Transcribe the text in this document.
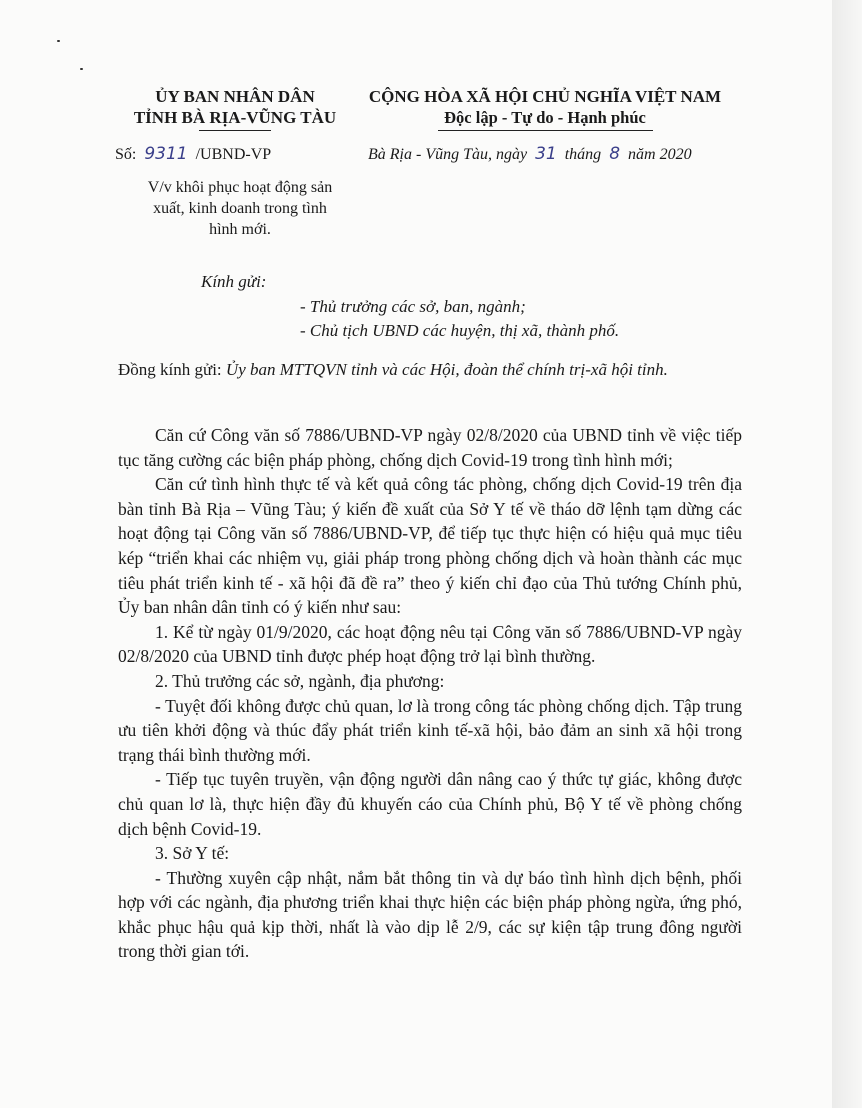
ỦY BAN NHÂN DÂN
TỈNH BÀ RỊA-VŨNG TÀU
CỘNG HÒA XÃ HỘI CHỦ NGHĨA VIỆT NAM
Độc lập - Tự do - Hạnh phúc
Số: 9311 /UBND-VP	Bà Rịa - Vũng Tàu, ngày 31 tháng 8 năm 2020
V/v khôi phục hoạt động sản
xuất, kinh doanh trong tình
hình mới.
Kính gửi:
- Thủ trưởng các sở, ban, ngành;
- Chủ tịch UBND các huyện, thị xã, thành phố.
Đồng kính gửi: Ủy ban MTTQVN tỉnh và các Hội, đoàn thể chính trị-xã hội tỉnh.

Căn cứ Công văn số 7886/UBND-VP ngày 02/8/2020 của UBND tỉnh về việc tiếp tục tăng cường các biện pháp phòng, chống dịch Covid-19 trong tình hình mới;

Căn cứ tình hình thực tế và kết quả công tác phòng, chống dịch Covid-19 trên địa bàn tỉnh Bà Rịa – Vũng Tàu; ý kiến đề xuất của Sở Y tế về tháo dỡ lệnh tạm dừng các hoạt động tại Công văn số 7886/UBND-VP, để tiếp tục thực hiện có hiệu quả mục tiêu kép “triển khai các nhiệm vụ, giải pháp trong phòng chống dịch và hoàn thành các mục tiêu phát triển kinh tế - xã hội đã đề ra” theo ý kiến chỉ đạo của Thủ tướng Chính phủ, Ủy ban nhân dân tỉnh có ý kiến như sau:

1. Kể từ ngày 01/9/2020, các hoạt động nêu tại Công văn số 7886/UBND-VP ngày 02/8/2020 của UBND tỉnh được phép hoạt động trở lại bình thường.

2. Thủ trưởng các sở, ngành, địa phương:

- Tuyệt đối không được chủ quan, lơ là trong công tác phòng chống dịch. Tập trung ưu tiên khởi động và thúc đẩy phát triển kinh tế-xã hội, bảo đảm an sinh xã hội trong trạng thái bình thường mới.

- Tiếp tục tuyên truyền, vận động người dân nâng cao ý thức tự giác, không được chủ quan lơ là, thực hiện đầy đủ khuyến cáo của Chính phủ, Bộ Y tế về phòng chống dịch bệnh Covid-19.

3. Sở Y tế:

- Thường xuyên cập nhật, nắm bắt thông tin và dự báo tình hình dịch bệnh, phối hợp với các ngành, địa phương triển khai thực hiện các biện pháp phòng ngừa, ứng phó, khắc phục hậu quả kịp thời, nhất là vào dịp lễ 2/9, các sự kiện tập trung đông người trong thời gian tới.
